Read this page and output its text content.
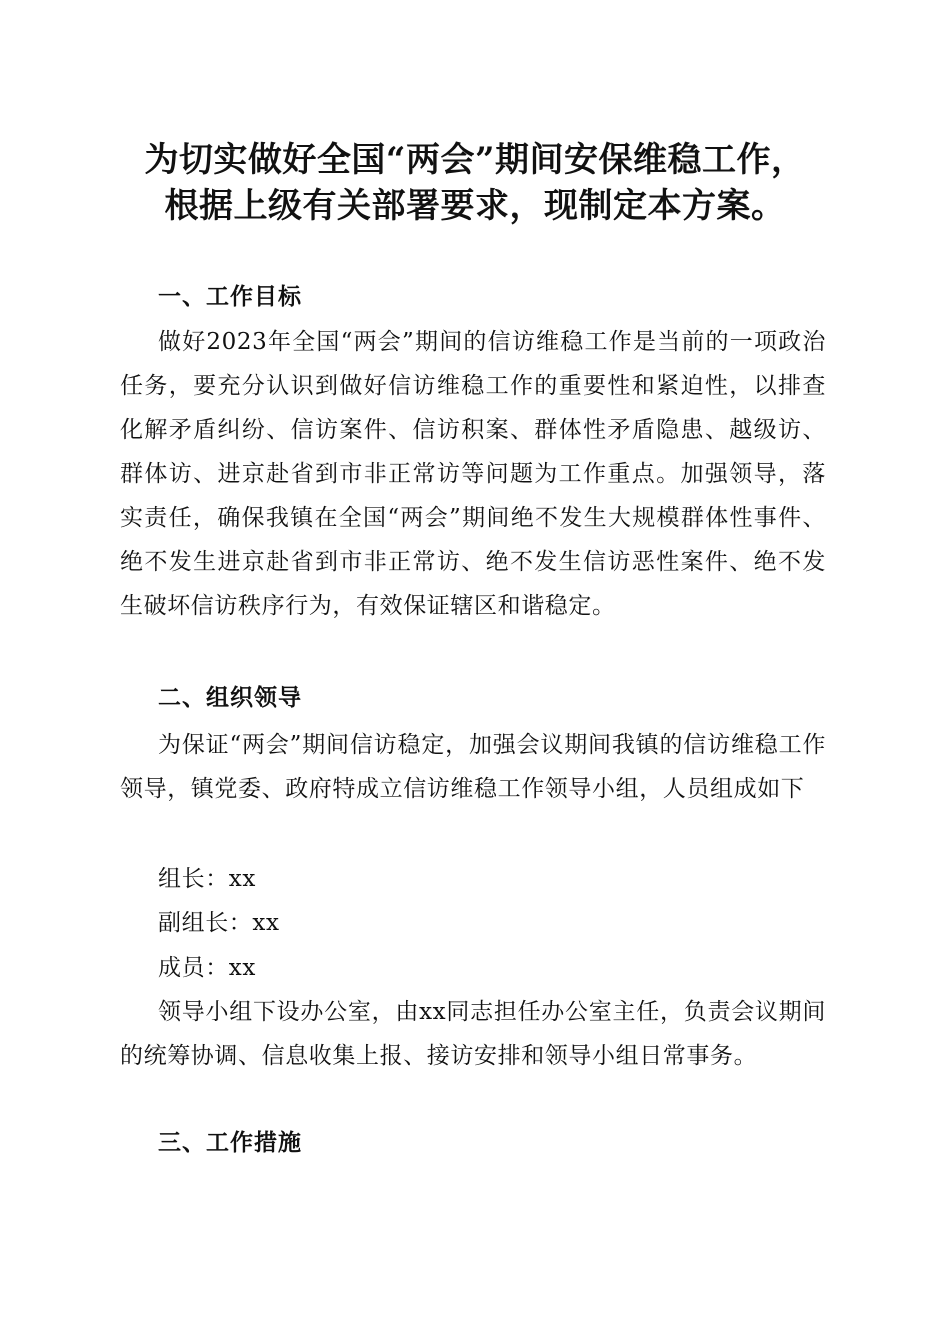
为切实做好全国“两会”期间安保维稳工作，
根据上级有关部署要求，现制定本方案。
一、工作目标

做好2023年全国“两会”期间的信访维稳工作是当前的一项政治任务，要充分认识到做好信访维稳工作的重要性和紧迫性，以排查化解矛盾纠纷、信访案件、信访积案、群体性矛盾隐患、越级访、群体访、进京赴省到市非正常访等问题为工作重点。加强领导，落实责任，确保我镇在全国“两会”期间绝不发生大规模群体性事件、绝不发生进京赴省到市非正常访、绝不发生信访恶性案件、绝不发生破坏信访秩序行为，有效保证辖区和谐稳定。

二、组织领导

为保证“两会”期间信访稳定，加强会议期间我镇的信访维稳工作领导，镇党委、政府特成立信访维稳工作领导小组，人员组成如下

组长：xx
副组长：xx
成员：xx

领导小组下设办公室，由xx同志担任办公室主任，负责会议期间的统筹协调、信息收集上报、接访安排和领导小组日常事务。

三、工作措施
